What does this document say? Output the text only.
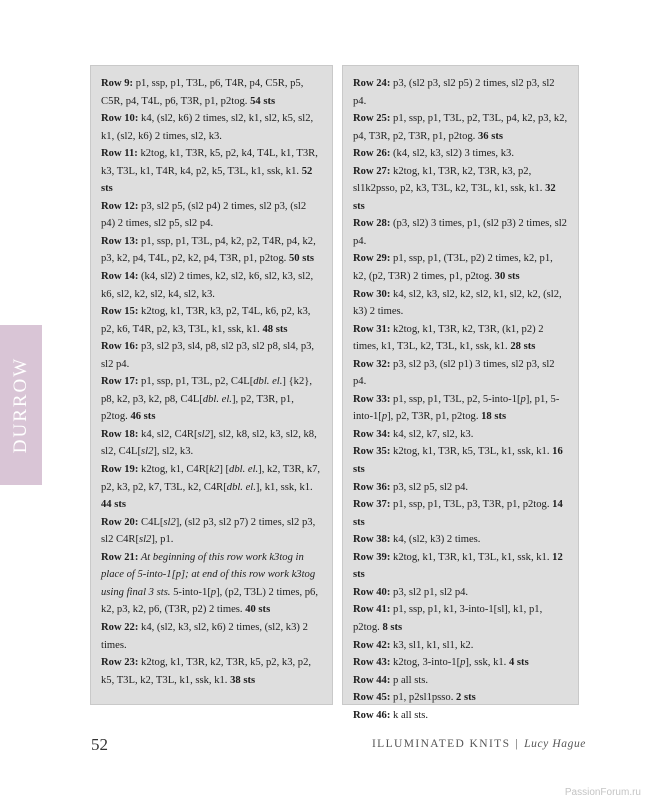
DURROW

Row 9: p1, ssp, p1, T3L, p6, T4R, p4, C5R, p5, C5R, p4, T4L, p6, T3R, p1, p2tog. 54 sts

Row 10: k4, (sl2, k6) 2 times, sl2, k1, sl2, k5, sl2, k1, (sl2, k6) 2 times, sl2, k3.

Row 11: k2tog, k1, T3R, k5, p2, k4, T4L, k1, T3R, k3, T3L, k1, T4R, k4, p2, k5, T3L, k1, ssk, k1. 52 sts

Row 12: p3, sl2 p5, (sl2 p4) 2 times, sl2 p3, (sl2 p4) 2 times, sl2 p5, sl2 p4.

Row 13: p1, ssp, p1, T3L, p4, k2, p2, T4R, p4, k2, p3, k2, p4, T4L, p2, k2, p4, T3R, p1, p2tog. 50 sts

Row 14: (k4, sl2) 2 times, k2, sl2, k6, sl2, k3, sl2, k6, sl2, k2, sl2, k4, sl2, k3.

Row 15: k2tog, k1, T3R, k3, p2, T4L, k6, p2, k3, p2, k6, T4R, p2, k3, T3L, k1, ssk, k1. 48 sts

Row 16: p3, sl2 p3, sl4, p8, sl2 p3, sl2 p8, sl4, p3, sl2 p4.

Row 17: p1, ssp, p1, T3L, p2, C4L[dbl. el.] {k2}, p8, k2, p3, k2, p8, C4L[dbl. el.], p2, T3R, p1, p2tog. 46 sts

Row 18: k4, sl2, C4R[sl2], sl2, k8, sl2, k3, sl2, k8, sl2, C4L[sl2], sl2, k3.

Row 19: k2tog, k1, C4R[k2] [dbl. el.], k2, T3R, k7, p2, k3, p2, k7, T3L, k2, C4R[dbl. el.], k1, ssk, k1. 44 sts

Row 20: C4L[sl2], (sl2 p3, sl2 p7) 2 times, sl2 p3, sl2 C4R[sl2], p1.

Row 21: At beginning of this row work k3tog in place of 5-into-1[p]; at end of this row work k3tog using final 3 sts. 5-into-1[p], (p2, T3L) 2 times, p6, k2, p3, k2, p6, (T3R, p2) 2 times. 40 sts

Row 22: k4, (sl2, k3, sl2, k6) 2 times, (sl2, k3) 2 times.

Row 23: k2tog, k1, T3R, k2, T3R, k5, p2, k3, p2, k5, T3L, k2, T3L, k1, ssk, k1. 38 sts

Row 24: p3, (sl2 p3, sl2 p5) 2 times, sl2 p3, sl2 p4.

Row 25: p1, ssp, p1, T3L, p2, T3L, p4, k2, p3, k2, p4, T3R, p2, T3R, p1, p2tog. 36 sts

Row 26: (k4, sl2, k3, sl2) 3 times, k3.

Row 27: k2tog, k1, T3R, k2, T3R, k3, p2, sl1k2psso, p2, k3, T3L, k2, T3L, k1, ssk, k1. 32 sts

Row 28: (p3, sl2) 3 times, p1, (sl2 p3) 2 times, sl2 p4.

Row 29: p1, ssp, p1, (T3L, p2) 2 times, k2, p1, k2, (p2, T3R) 2 times, p1, p2tog. 30 sts

Row 30: k4, sl2, k3, sl2, k2, sl2, k1, sl2, k2, (sl2, k3) 2 times.

Row 31: k2tog, k1, T3R, k2, T3R, (k1, p2) 2 times, k1, T3L, k2, T3L, k1, ssk, k1. 28 sts

Row 32: p3, sl2 p3, (sl2 p1) 3 times, sl2 p3, sl2 p4.

Row 33: p1, ssp, p1, T3L, p2, 5-into-1[p], p1, 5-into-1[p], p2, T3R, p1, p2tog. 18 sts

Row 34: k4, sl2, k7, sl2, k3.

Row 35: k2tog, k1, T3R, k5, T3L, k1, ssk, k1. 16 sts

Row 36: p3, sl2 p5, sl2 p4.

Row 37: p1, ssp, p1, T3L, p3, T3R, p1, p2tog. 14 sts

Row 38: k4, (sl2, k3) 2 times.

Row 39: k2tog, k1, T3R, k1, T3L, k1, ssk, k1. 12 sts

Row 40: p3, sl2 p1, sl2 p4.

Row 41: p1, ssp, p1, k1, 3-into-1[sl], k1, p1, p2tog. 8 sts

Row 42: k3, sl1, k1, sl1, k2.

Row 43: k2tog, 3-into-1[p], ssk, k1. 4 sts

Row 44: p all sts.

Row 45: p1, p2sl1psso. 2 sts

Row 46: k all sts.

52	ILLUMINATED KNITS | Lucy Hague
PassionForum.ru
